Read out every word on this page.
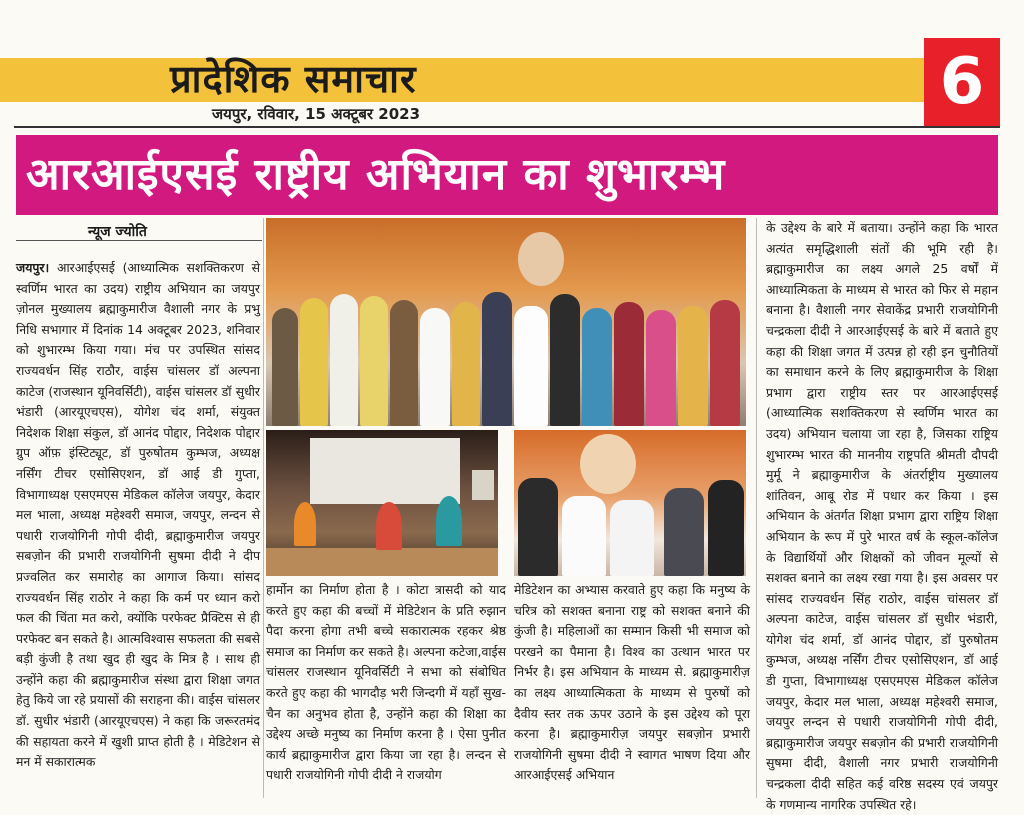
प्रादेशिक समाचार
जयपुर, रविवार, 15 अक्टूबर 2023	6
आरआईएसई राष्ट्रीय अभियान का शुभारम्भ
न्यूज ज्योति

जयपुर। आरआईएसई (आध्यात्मिक सशक्तिकरण से स्वर्णिम भारत का उदय) राष्ट्रीय अभियान का जयपुर ज़ोनल मुख्यालय ब्रह्माकुमारीज वैशाली नगर के प्रभु निधि सभागार में दिनांक 14 अक्टूबर 2023, शनिवार को शुभारम्भ किया गया। मंच पर उपस्थित सांसद राज्यवर्धन सिंह राठौर, वाईस चांसलर डॉ अल्पना काटेज (राजस्थान यूनिवर्सिटी), वाईस चांसलर डॉ सुधीर भंडारी (आरयूएचएस), योगेश चंद शर्मा, संयुक्त निदेशक शिक्षा संकुल, डॉ आनंद पोद्दार, निदेशक पोद्दार ग्रुप ऑफ़ इंस्टिट्यूट, डॉ पुरुषोतम कुम्भज, अध्यक्ष नर्सिंग टीचर एसोसिएशन, डॉ आई डी गुप्ता, विभागाध्यक्ष एसएमएस मेडिकल कॉलेज जयपुर, केदार मल भाला, अध्यक्ष महेश्वरी समाज, जयपुर, लन्दन से पधारी राजयोगिनी गोपी दीदी, ब्रह्माकुमारीज जयपुर सबज़ोन की प्रभारी राजयोगिनी सुषमा दीदी ने दीप प्रज्वलित कर समारोह का आगाज किया। सांसद राज्यवर्धन सिंह राठोर ने कहा कि कर्म पर ध्यान करो फल की चिंता मत करो, क्योंकि परफेक्ट प्रैक्टिस से ही परफेक्ट बन सकते है। आत्मविश्वास सफलता की सबसे बड़ी कुंजी है तथा खुद ही खुद के मित्र है । साथ ही उन्होंने कहा की ब्रह्माकुमारीज संस्था द्वारा शिक्षा जगत हेतु किये जा रहे प्रयासों की सराहना की। वाईस चांसलर डॉ. सुधीर भंडारी (आरयूएचएस) ने कहा कि जरूरतमंद की सहायता करने में खुशी प्राप्त होती है । मेडिटेशन से मन में सकारात्मक

हार्मोन का निर्माण होता है । कोटा त्रासदी को याद करते हुए कहा की बच्चों में मेडिटेशन के प्रति रुझान पैदा करना होगा तभी बच्चे सकारात्मक रहकर श्रेष्ठ समाज का निर्माण कर सकते है। अल्पना कटेजा,वाईस चांसलर राजस्थान यूनिवर्सिटी ने सभा को संबोधित करते हुए कहा की भागदौड़ भरी जिन्दगी में यहाँ सुख-चैन का अनुभव होता है, उन्होंने कहा की शिक्षा का उद्देश्य अच्छे मनुष्य का निर्माण करना है । ऐसा पुनीत कार्य ब्रह्माकुमारीज द्वारा किया जा रहा है। लन्दन से पधारी राजयोगिनी गोपी दीदी ने राजयोग

मेडिटेशन का अभ्यास करवाते हुए कहा कि मनुष्य के चरित्र को सशक्त बनाना राष्ट्र को सशक्त बनाने की कुंजी है। महिलाओं का सम्मान किसी भी समाज को परखने का पैमाना है। विश्व का उत्थान भारत पर निर्भर है। इस अभियान के माध्यम से. ब्रह्माकुमारीज़ का लक्ष्य आध्यात्मिकता के माध्यम से पुरुषों को दैवीय स्तर तक ऊपर उठाने के इस उद्देश्य को पूरा करना है। ब्रह्माकुमारीज़ जयपुर सबज़ोन प्रभारी राजयोगिनी सुषमा दीदी ने स्वागत भाषण दिया और आरआईएसई अभियान

के उद्देश्य के बारे में बताया। उन्होंने कहा कि भारत अत्यंत समृद्धिशाली संतों की भूमि रही है। ब्रह्माकुमारीज का लक्ष्य अगले 25 वर्षों में आध्यात्मिकता के माध्यम से भारत को फिर से महान बनाना है। वैशाली नगर सेवाकेंद्र प्रभारी राजयोगिनी चन्द्रकला दीदी ने आरआईएसई के बारे में बताते हुए कहा की शिक्षा जगत में उत्पन्न हो रही इन चुनौतियों का समाधान करने के लिए ब्रह्माकुमारीज के शिक्षा प्रभाग द्वारा राष्ट्रीय स्तर पर आरआईएसई (आध्यात्मिक सशक्तिकरण से स्वर्णिम भारत का उदय) अभियान चलाया जा रहा है, जिसका राष्ट्रिय शुभारम्भ भारत की माननीय राष्ट्रपति श्रीमती दौपदी मुर्मू ने ब्रह्माकुमारीज के अंतर्राष्ट्रीय मुख्यालय शांतिवन, आबू रोड में पधार कर किया । इस अभियान के अंतर्गत शिक्षा प्रभाग द्वारा राष्ट्रिय शिक्षा अभियान के रूप में पुरे भारत वर्ष के स्कूल-कॉलेज के विद्यार्थियों और शिक्षकों को जीवन मूल्यों से सशक्त बनाने का लक्ष्य रखा गया है। इस अवसर पर सांसद राज्यवर्धन सिंह राठोर, वाईस चांसलर डॉ अल्पना काटेज, वाईस चांसलर डॉ सुधीर भंडारी, योगेश चंद शर्मा, डॉ आनंद पोद्दार, डॉ पुरुषोतम कुम्भज, अध्यक्ष नर्सिंग टीचर एसोसिएशन, डॉ आई डी गुप्ता, विभागाध्यक्ष एसएमएस मेडिकल कॉलेज जयपुर, केदार मल भाला, अध्यक्ष महेश्वरी समाज, जयपुर लन्दन से पधारी राजयोगिनी गोपी दीदी, ब्रह्माकुमारीज जयपुर सबज़ोन की प्रभारी राजयोगिनी सुषमा दीदी, वैशाली नगर प्रभारी राजयोगिनी चन्द्रकला दीदी सहित कई वरिष्ठ सदस्य एवं जयपुर के गणमान्य नागरिक उपस्थित रहे।
